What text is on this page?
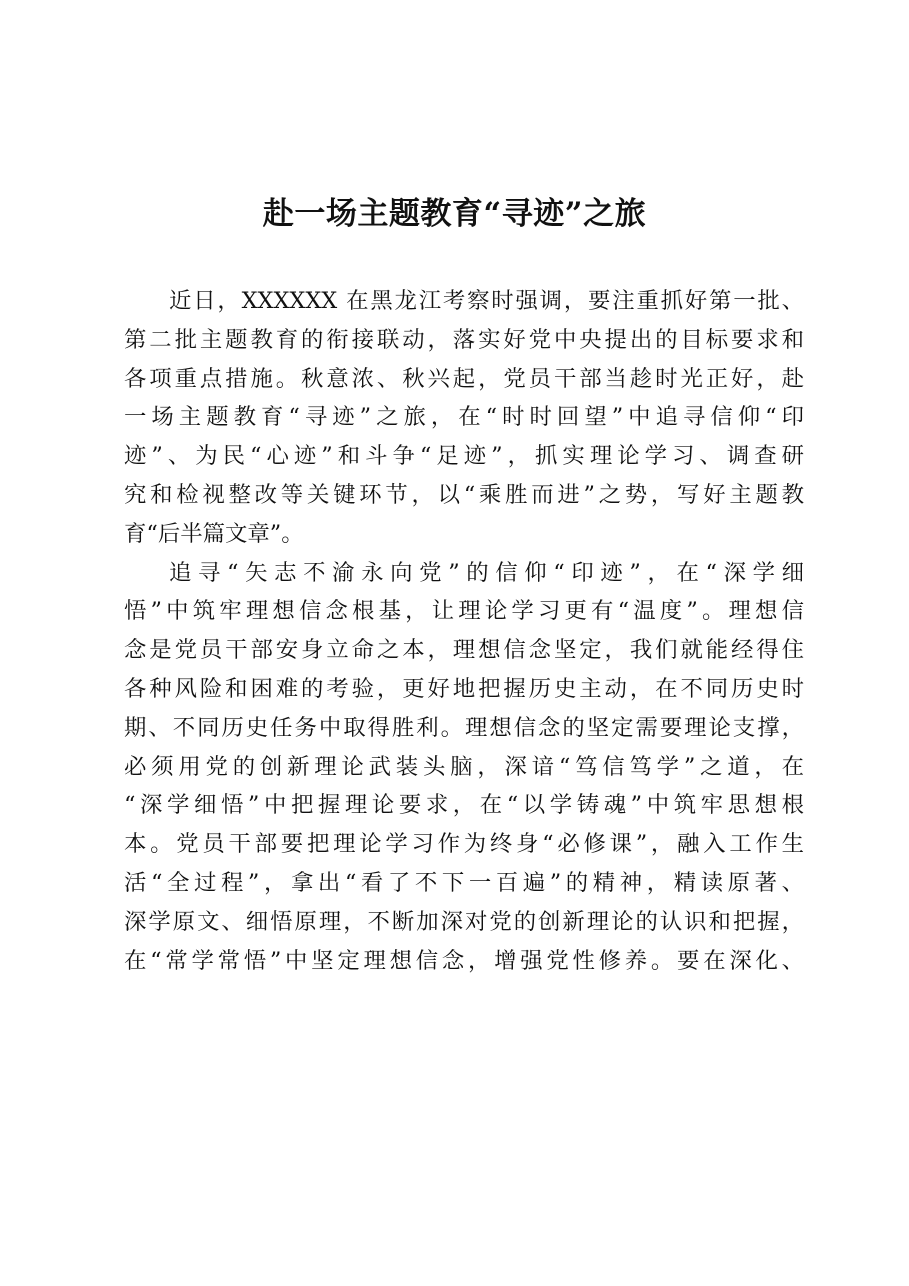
赴一场主题教育“寻迹”之旅
近日，XXXXXX 在黑龙江考察时强调，要注重抓好第一批、
第二批主题教育的衔接联动，落实好党中央提出的目标要求和
各项重点措施。秋意浓、秋兴起，党员干部当趁时光正好，赴
一场主题教育“寻迹”之旅，在“时时回望”中追寻信仰“印
迹”、为民“心迹”和斗争“足迹”，抓实理论学习、调查研
究和检视整改等关键环节，以“乘胜而进”之势，写好主题教
育“后半篇文章”。
追寻“矢志不渝永向党”的信仰“印迹”，在“深学细
悟”中筑牢理想信念根基，让理论学习更有“温度”。理想信
念是党员干部安身立命之本，理想信念坚定，我们就能经得住
各种风险和困难的考验，更好地把握历史主动，在不同历史时
期、不同历史任务中取得胜利。理想信念的坚定需要理论支撑，
必须用党的创新理论武装头脑，深谙“笃信笃学”之道，在
“深学细悟”中把握理论要求，在“以学铸魂”中筑牢思想根
本。党员干部要把理论学习作为终身“必修课”，融入工作生
活“全过程”，拿出“看了不下一百遍”的精神，精读原著、
深学原文、细悟原理，不断加深对党的创新理论的认识和把握，
在“常学常悟”中坚定理想信念，增强党性修养。要在深化、
